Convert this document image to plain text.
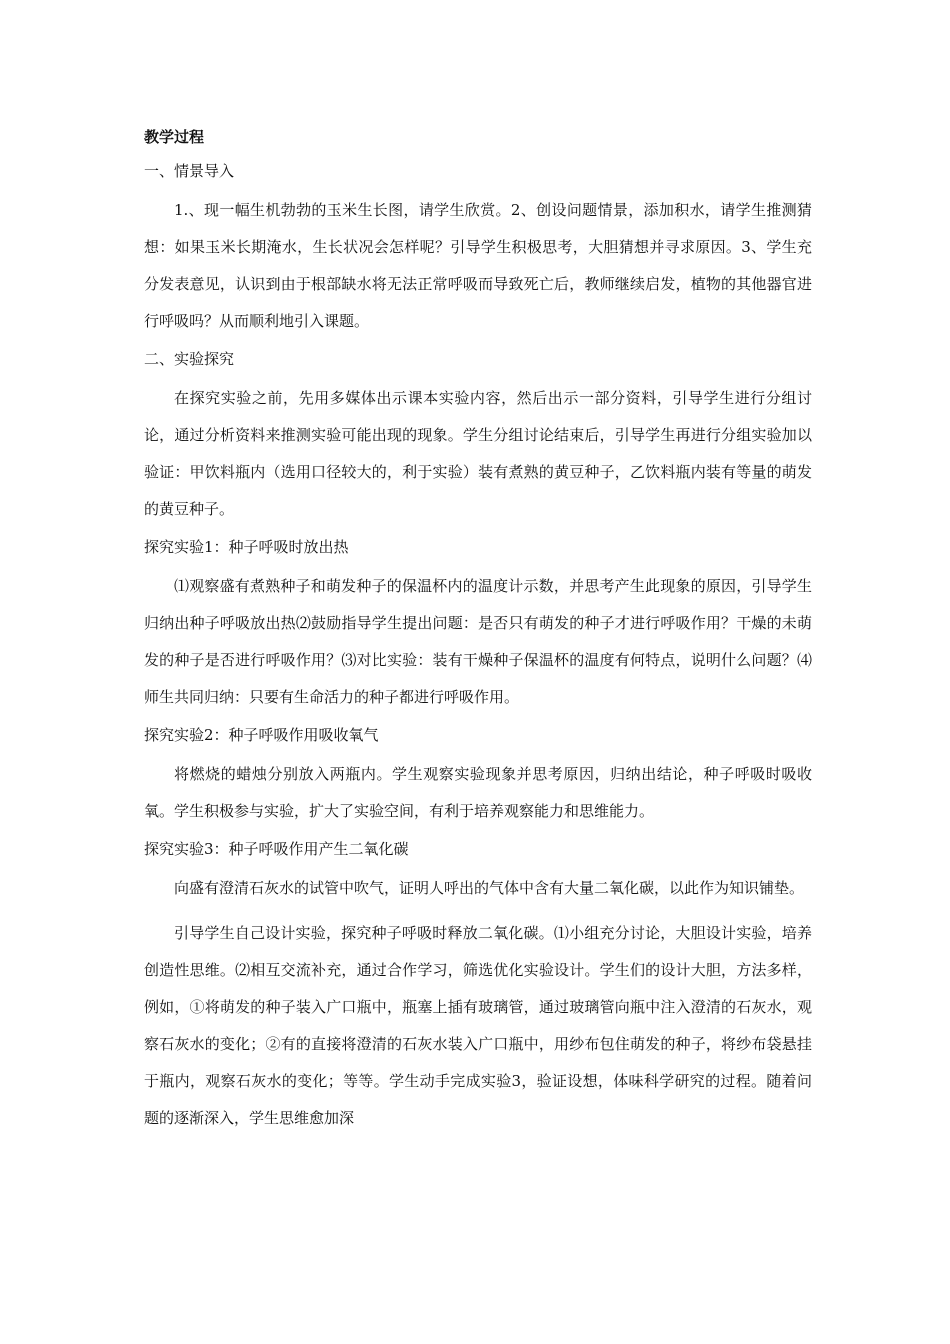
教学过程
一、情景导入

1.、现一幅生机勃勃的玉米生长图，请学生欣赏。2、创设问题情景，添加积水，请学生推测猜想：如果玉米长期淹水，生长状况会怎样呢？引导学生积极思考，大胆猜想并寻求原因。3、学生充分发表意见，认识到由于根部缺水将无法正常呼吸而导致死亡后，教师继续启发，植物的其他器官进行呼吸吗？从而顺利地引入课题。

二、实验探究

在探究实验之前，先用多媒体出示课本实验内容，然后出示一部分资料，引导学生进行分组讨论，通过分析资料来推测实验可能出现的现象。学生分组讨论结束后，引导学生再进行分组实验加以验证：甲饮料瓶内（选用口径较大的，利于实验）装有煮熟的黄豆种子，乙饮料瓶内装有等量的萌发的黄豆种子。

探究实验1：种子呼吸时放出热

⑴观察盛有煮熟种子和萌发种子的保温杯内的温度计示数，并思考产生此现象的原因，引导学生归纳出种子呼吸放出热⑵鼓励指导学生提出问题：是否只有萌发的种子才进行呼吸作用？干燥的未萌发的种子是否进行呼吸作用？⑶对比实验：装有干燥种子保温杯的温度有何特点，说明什么问题？⑷师生共同归纳：只要有生命活力的种子都进行呼吸作用。

探究实验2：种子呼吸作用吸收氧气

将燃烧的蜡烛分别放入两瓶内。学生观察实验现象并思考原因，归纳出结论，种子呼吸时吸收氧。学生积极参与实验，扩大了实验空间，有利于培养观察能力和思维能力。

探究实验3：种子呼吸作用产生二氧化碳

向盛有澄清石灰水的试管中吹气，证明人呼出的气体中含有大量二氧化碳，以此作为知识铺垫。

引导学生自己设计实验，探究种子呼吸时释放二氧化碳。⑴小组充分讨论，大胆设计实验，培养创造性思维。⑵相互交流补充，通过合作学习，筛选优化实验设计。学生们的设计大胆，方法多样，例如，①将萌发的种子装入广口瓶中，瓶塞上插有玻璃管，通过玻璃管向瓶中注入澄清的石灰水，观察石灰水的变化；②有的直接将澄清的石灰水装入广口瓶中，用纱布包住萌发的种子，将纱布袋悬挂于瓶内，观察石灰水的变化；等等。学生动手完成实验3，验证设想，体味科学研究的过程。随着问题的逐渐深入，学生思维愈加深
